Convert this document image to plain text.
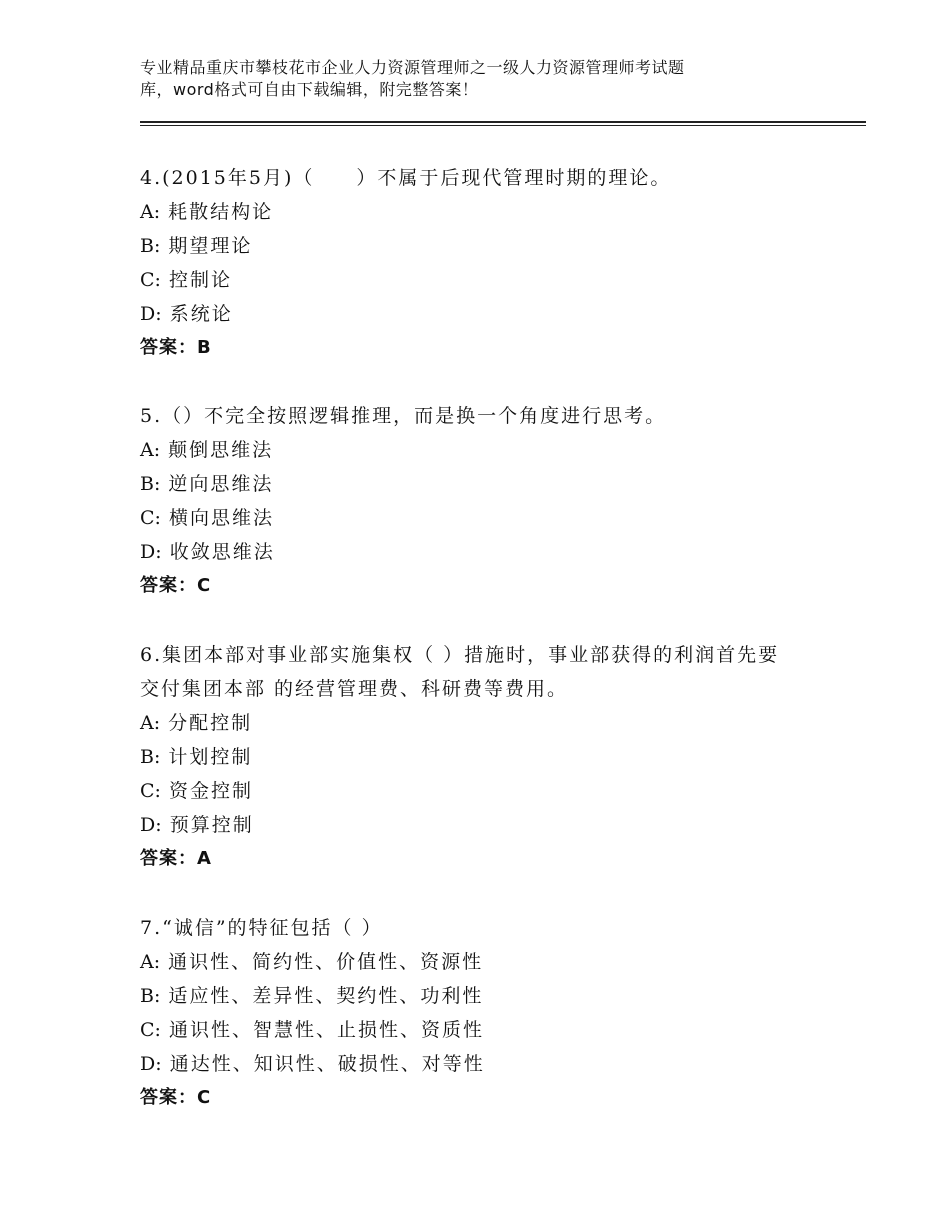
专业精品重庆市攀枝花市企业人力资源管理师之一级人力资源管理师考试题
库，word格式可自由下载编辑，附完整答案！
4.(2015年5月)（　　）不属于后现代管理时期的理论。
A: 耗散结构论
B: 期望理论
C: 控制论
D: 系统论
答案：B
5.（）不完全按照逻辑推理，而是换一个角度进行思考。
A: 颠倒思维法
B: 逆向思维法
C: 横向思维法
D: 收敛思维法
答案：C
6.集团本部对事业部实施集权（ ）措施时，事业部获得的利润首先要
交付集团本部 的经营管理费、科研费等费用。
A: 分配控制
B: 计划控制
C: 资金控制
D: 预算控制
答案：A
7.“诚信”的特征包括（ ）
A: 通识性、简约性、价值性、资源性
B: 适应性、差异性、契约性、功利性
C: 通识性、智慧性、止损性、资质性
D: 通达性、知识性、破损性、对等性
答案：C
